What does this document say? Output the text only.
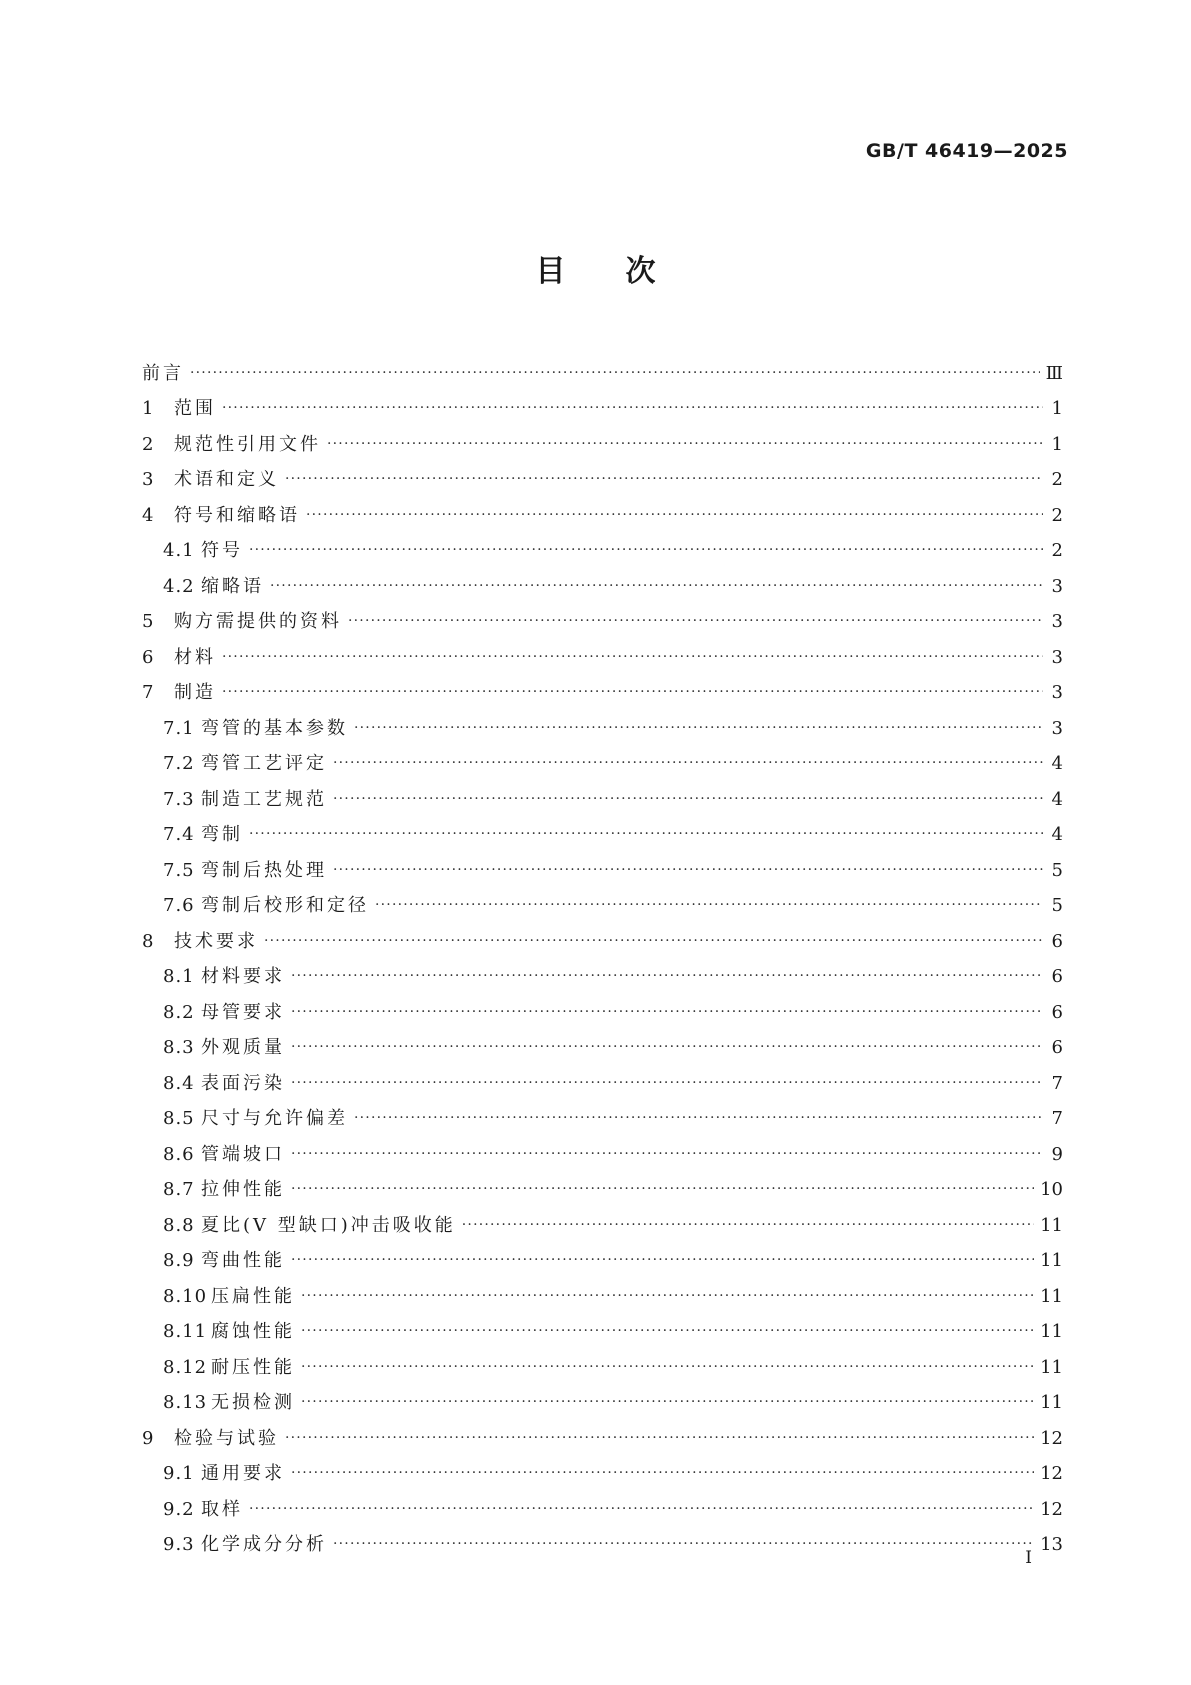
GB/T 46419—2025
目 次
前言 ·····	Ⅲ
1	范围 ·····	1
2	规范性引用文件 ·····	1
3	术语和定义 ·····	2
4	符号和缩略语 ·····	2
4.1 符号 ·····	2
4.2 缩略语 ·····	3
5	购方需提供的资料 ·····	3
6	材料 ·····	3
7	制造 ·····	3
7.1 弯管的基本参数 ·····	3
7.2 弯管工艺评定 ·····	4
7.3 制造工艺规范 ·····	4
7.4 弯制 ·····	4
7.5 弯制后热处理 ·····	5
7.6 弯制后校形和定径 ·····	5
8	技术要求 ·····	6
8.1 材料要求 ·····	6
8.2 母管要求 ·····	6
8.3 外观质量 ·····	6
8.4 表面污染 ·····	7
8.5 尺寸与允许偏差 ·····	7
8.6 管端坡口 ·····	9
8.7 拉伸性能 ·····	10
8.8 夏比(V 型缺口)冲击吸收能 ·····	11
8.9 弯曲性能 ·····	11
8.10 压扁性能 ·····	11
8.11 腐蚀性能 ·····	11
8.12 耐压性能 ·····	11
8.13 无损检测 ·····	11
9	检验与试验 ·····	12
9.1 通用要求 ·····	12
9.2 取样 ·····	12
9.3 化学成分分析 ·····	13
I
